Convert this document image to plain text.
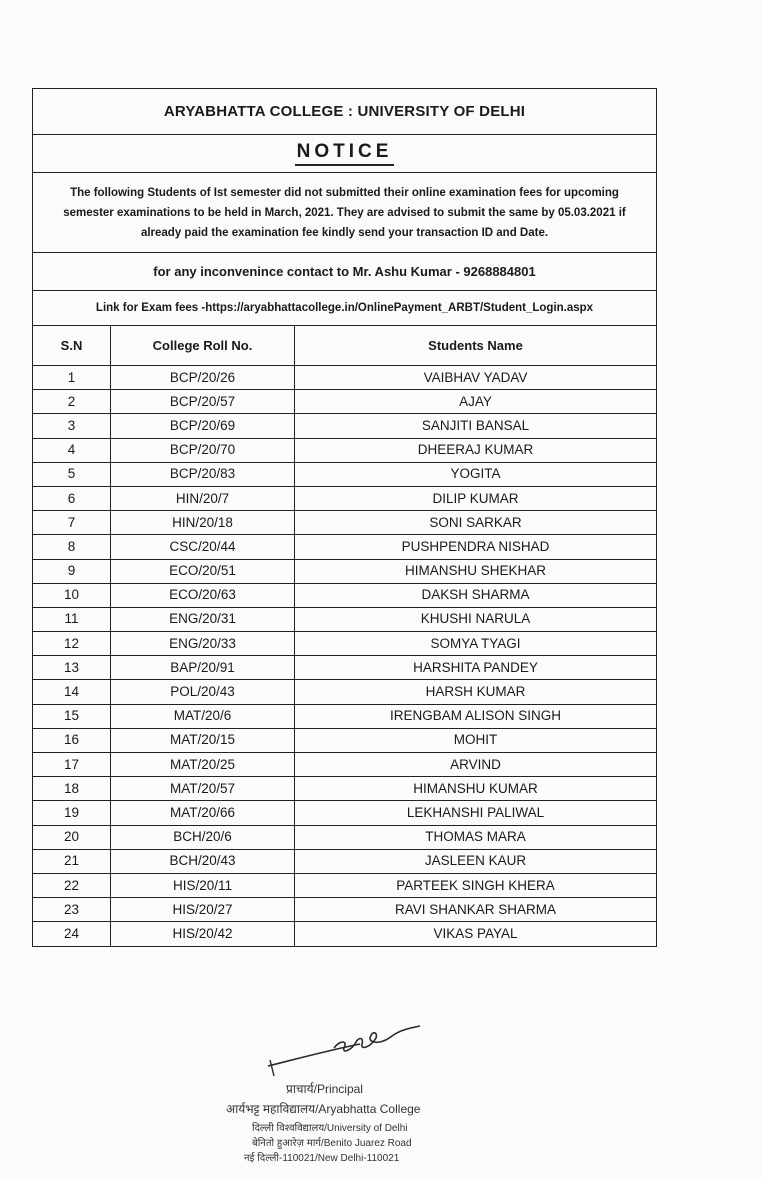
ARYABHATTA COLLEGE : UNIVERSITY OF DELHI
NOTICE
The following Students of Ist semester did not submitted their online examination fees for upcoming
semester examinations to be held in March, 2021. They are advised to submit the same by 05.03.2021 if
already paid the examination fee kindly send your transaction ID and Date.
for any inconvenince contact to Mr. Ashu Kumar - 9268884801
Link for Exam fees -https://aryabhattacollege.in/OnlinePayment_ARBT/Student_Login.aspx
S.N	College Roll No.	Students Name
1	BCP/20/26	VAIBHAV YADAV
2	BCP/20/57	AJAY
3	BCP/20/69	SANJITI BANSAL
4	BCP/20/70	DHEERAJ KUMAR
5	BCP/20/83	YOGITA
6	HIN/20/7	DILIP KUMAR
7	HIN/20/18	SONI SARKAR
8	CSC/20/44	PUSHPENDRA NISHAD
9	ECO/20/51	HIMANSHU SHEKHAR
10	ECO/20/63	DAKSH SHARMA
11	ENG/20/31	KHUSHI NARULA
12	ENG/20/33	SOMYA TYAGI
13	BAP/20/91	HARSHITA PANDEY
14	POL/20/43	HARSH KUMAR
15	MAT/20/6	IRENGBAM ALISON SINGH
16	MAT/20/15	MOHIT
17	MAT/20/25	ARVIND
18	MAT/20/57	HIMANSHU KUMAR
19	MAT/20/66	LEKHANSHI PALIWAL
20	BCH/20/6	THOMAS MARA
21	BCH/20/43	JASLEEN KAUR
22	HIS/20/11	PARTEEK SINGH KHERA
23	HIS/20/27	RAVI SHANKAR SHARMA
24	HIS/20/42	VIKAS PAYAL
प्राचार्य/Principal
आर्यभट्ट महाविद्यालय/Aryabhatta College
दिल्ली विश्वविद्यालय/University of Delhi
बेनितो हुआरेज़ मार्ग/Benito Juarez Road
नई दिल्ली-110021/New Delhi-110021
